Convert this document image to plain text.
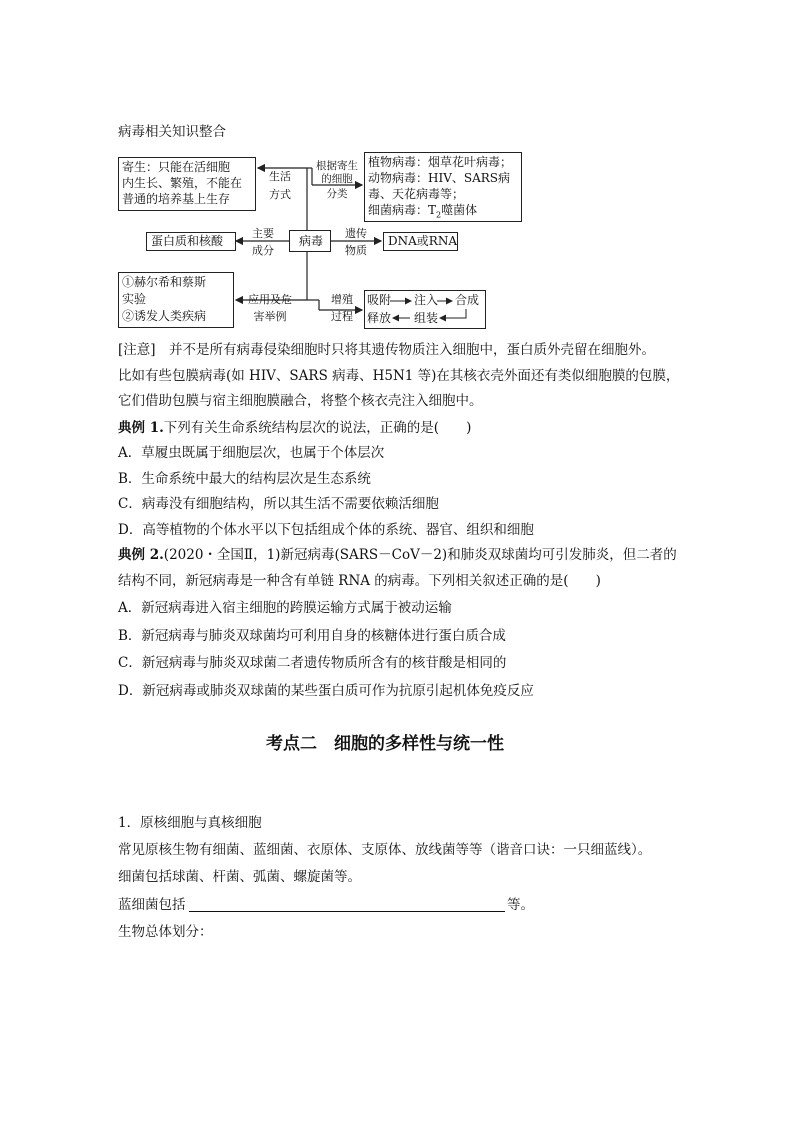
病毒相关知识整合
寄生：只能在活细胞
内生长、繁殖，不能在
普通的培养基上生存
生活
方式
根据寄生
的细胞
分类
植物病毒：烟草花叶病毒；
动物病毒：HIV、SARS病
毒、天花病毒等；
细菌病毒：$T_2$噬菌体
蛋白质和核酸
主要
成分
病毒
遗传
物质
DNA或RNA
①赫尔希和蔡斯
实验
②诱发人类疾病
应用及危
害举例
增殖
过程
吸附 注入 合成
释放 组装
[注意]　并不是所有病毒侵染细胞时只将其遗传物质注入细胞中，蛋白质外壳留在细胞外。
比如有些包膜病毒(如 HIV、SARS 病毒、H5N1 等)在其核衣壳外面还有类似细胞膜的包膜，
它们借助包膜与宿主细胞膜融合，将整个核衣壳注入细胞中。
典例 1.下列有关生命系统结构层次的说法，正确的是(　　)
A．草履虫既属于细胞层次，也属于个体层次
B．生命系统中最大的结构层次是生态系统
C．病毒没有细胞结构，所以其生活不需要依赖活细胞
D．高等植物的个体水平以下包括组成个体的系统、器官、组织和细胞
典例 2.(2020・全国Ⅱ，1)新冠病毒(SARS－CoV－2)和肺炎双球菌均可引发肺炎，但二者的
结构不同，新冠病毒是一种含有单链 RNA 的病毒。下列相关叙述正确的是(　　)
A．新冠病毒进入宿主细胞的跨膜运输方式属于被动运输
B．新冠病毒与肺炎双球菌均可利用自身的核糖体进行蛋白质合成
C．新冠病毒与肺炎双球菌二者遗传物质所含有的核苷酸是相同的
D．新冠病毒或肺炎双球菌的某些蛋白质可作为抗原引起机体免疫反应
考点二　细胞的多样性与统一性
1．原核细胞与真核细胞
常见原核生物有细菌、蓝细菌、衣原体、支原体、放线菌等等（谐音口诀：一只细蓝线）。
细菌包括球菌、杆菌、弧菌、螺旋菌等。
蓝细菌包括	等。
生物总体划分：
